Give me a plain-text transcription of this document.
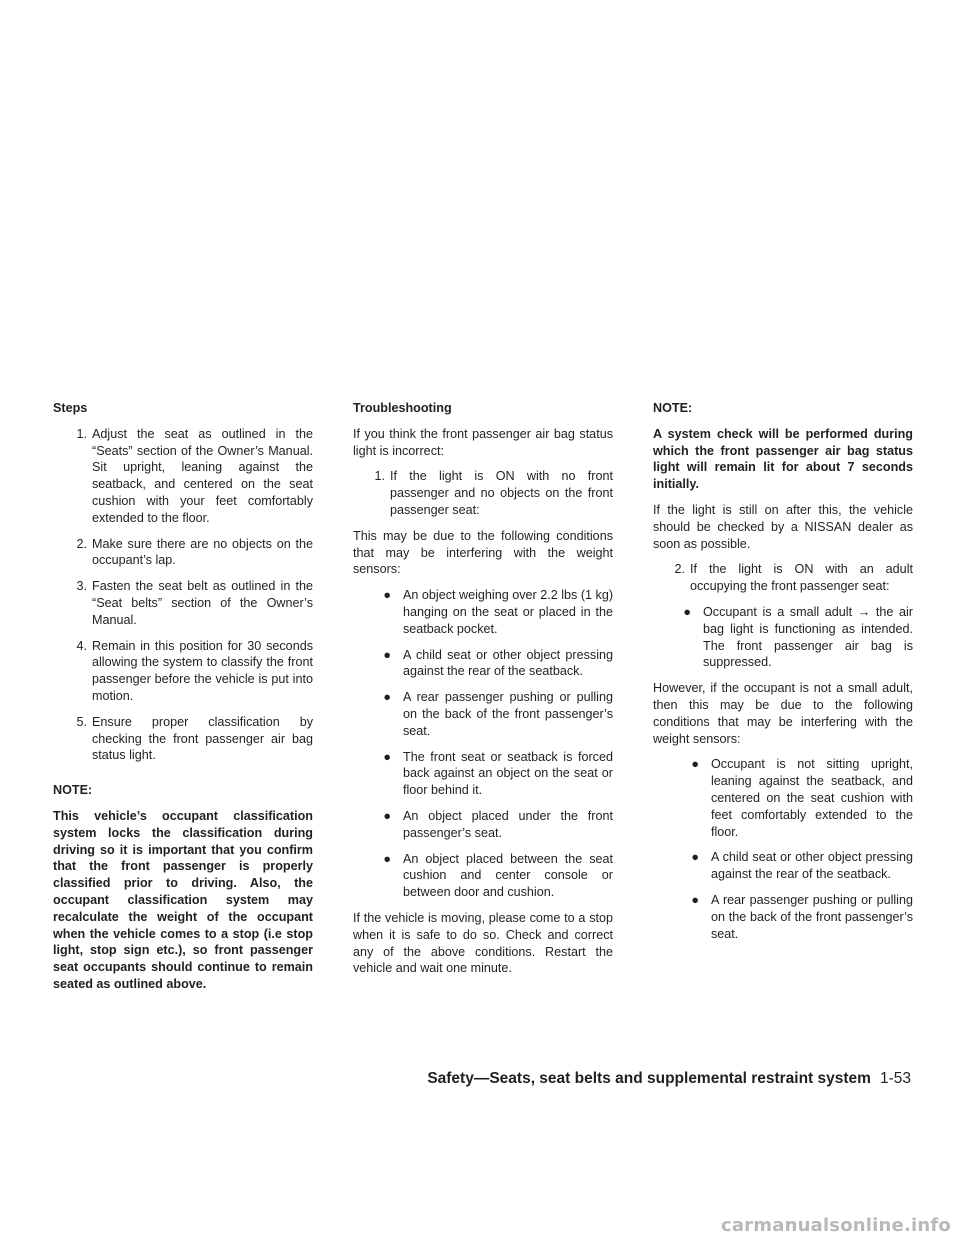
Steps
1. Adjust the seat as outlined in the “Seats” section of the Owner’s Manual. Sit upright, leaning against the seatback, and centered on the seat cushion with your feet comfortably extended to the floor.
2. Make sure there are no objects on the occupant’s lap.
3. Fasten the seat belt as outlined in the “Seat belts” section of the Owner’s Manual.
4. Remain in this position for 30 seconds allowing the system to classify the front passenger before the vehicle is put into motion.
5. Ensure proper classification by checking the front passenger air bag status light.
NOTE:
This vehicle’s occupant classification system locks the classification during driving so it is important that you confirm that the front passenger is properly classified prior to driving. Also, the occupant classification system may recalculate the weight of the occupant when the vehicle comes to a stop (i.e stop light, stop sign etc.), so front passenger seat occupants should continue to remain seated as outlined above.
Troubleshooting
If you think the front passenger air bag status light is incorrect:
1. If the light is ON with no front passenger and no objects on the front passenger seat:
This may be due to the following conditions that may be interfering with the weight sensors:
● An object weighing over 2.2 lbs (1 kg) hanging on the seat or placed in the seatback pocket.
● A child seat or other object pressing against the rear of the seatback.
● A rear passenger pushing or pulling on the back of the front passenger’s seat.
● The front seat or seatback is forced back against an object on the seat or floor behind it.
● An object placed under the front passenger’s seat.
● An object placed between the seat cushion and center console or between door and cushion.
If the vehicle is moving, please come to a stop when it is safe to do so. Check and correct any of the above conditions. Restart the vehicle and wait one minute.
NOTE:
A system check will be performed during which the front passenger air bag status light will remain lit for about 7 seconds initially.
If the light is still on after this, the vehicle should be checked by a NISSAN dealer as soon as possible.
2. If the light is ON with an adult occupying the front passenger seat:
● Occupant is a small adult → the air bag light is functioning as intended. The front passenger air bag is suppressed.
However, if the occupant is not a small adult, then this may be due to the following conditions that may be interfering with the weight sensors:
● Occupant is not sitting upright, leaning against the seatback, and centered on the seat cushion with feet comfortably extended to the floor.
● A child seat or other object pressing against the rear of the seatback.
● A rear passenger pushing or pulling on the back of the front passenger’s seat.
Safety—Seats, seat belts and supplemental restraint system 1-53
carmanualsonline.info
